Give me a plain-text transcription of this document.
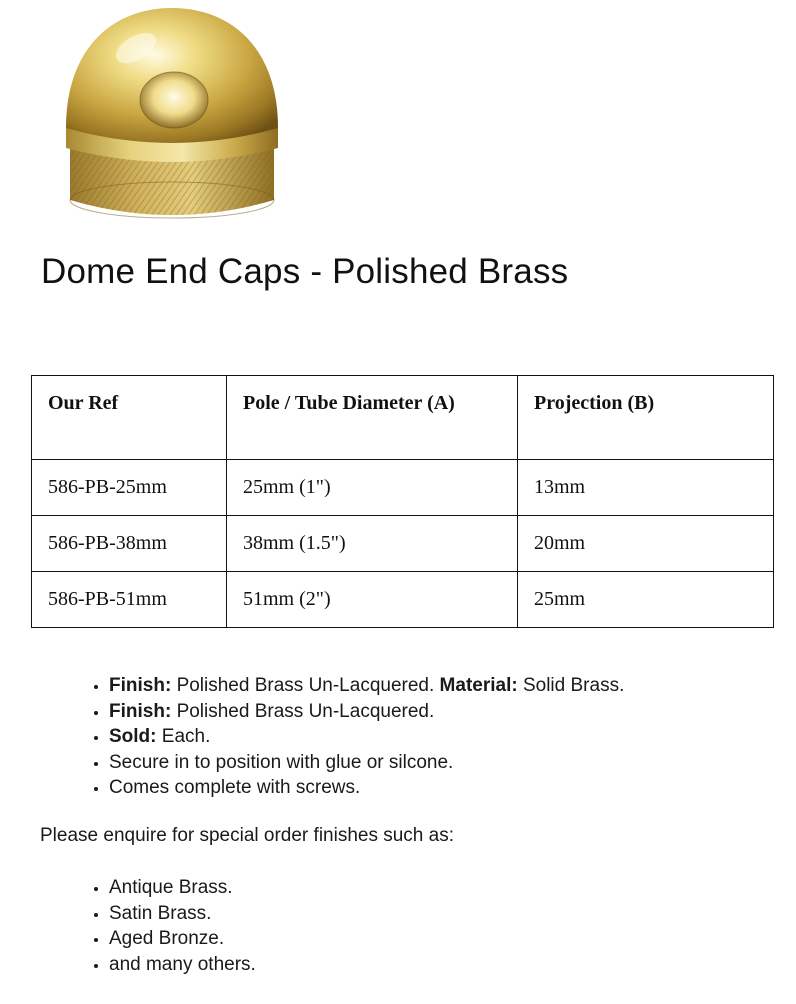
Dome End Caps - Polished Brass
Our Ref	Pole / Tube Diameter (A)	Projection (B)
586-PB-25mm	25mm (1")	13mm
586-PB-38mm	38mm (1.5")	20mm
586-PB-51mm	51mm (2")	25mm
• Finish: Polished Brass Un-Lacquered. Material: Solid Brass.
• Finish: Polished Brass Un-Lacquered.
• Sold: Each.
• Secure in to position with glue or silcone.
• Comes complete with screws.

Please enquire for special order finishes such as:

• Antique Brass.
• Satin Brass.
• Aged Bronze.
• and many others.
